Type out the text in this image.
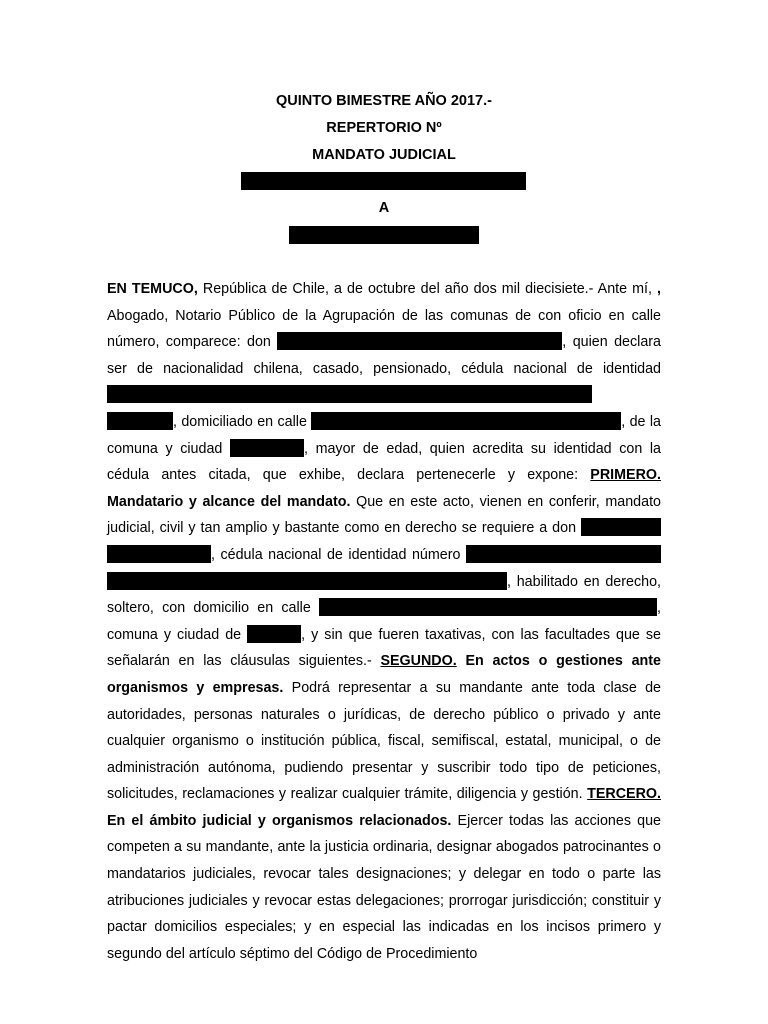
QUINTO BIMESTRE AÑO 2017.-
REPERTORIO Nº
MANDATO JUDICIAL
A

EN TEMUCO, República de Chile, a de octubre del año dos mil diecisiete.- Ante mí, , Abogado, Notario Público de la Agrupación de las comunas de con oficio en calle número, comparece: don	, quien declara ser de nacionalidad chilena, casado, pensionado, cédula nacional de identidad  , domiciliado en calle	, de la comuna y ciudad	, mayor de edad, quien acredita su identidad con la cédula antes citada, que exhibe, declara pertenecerle y expone: PRIMERO. Mandatario y alcance del mandato. Que en este acto, vienen en conferir, mandato judicial, civil y tan amplio y bastante como en derecho se requiere a don  , cédula nacional de identidad número  , habilitado en derecho, soltero, con domicilio en calle	, comuna y ciudad de	, y sin que fueren taxativas, con las facultades que se señalarán en las cláusulas siguientes.- SEGUNDO. En actos o gestiones ante organismos y empresas. Podrá representar a su mandante ante toda clase de autoridades, personas naturales o jurídicas, de derecho público o privado y ante cualquier organismo o institución pública, fiscal, semifiscal, estatal, municipal, o de administración autónoma, pudiendo presentar y suscribir todo tipo de peticiones, solicitudes, reclamaciones y realizar cualquier trámite, diligencia y gestión. TERCERO. En el ámbito judicial y organismos relacionados. Ejercer todas las acciones que competen a su mandante, ante la justicia ordinaria, designar abogados patrocinantes o mandatarios judiciales, revocar tales designaciones; y delegar en todo o parte las atribuciones judiciales y revocar estas delegaciones; prorrogar jurisdicción; constituir y pactar domicilios especiales; y en especial las indicadas en los incisos primero y segundo del artículo séptimo del Código de Procedimiento
